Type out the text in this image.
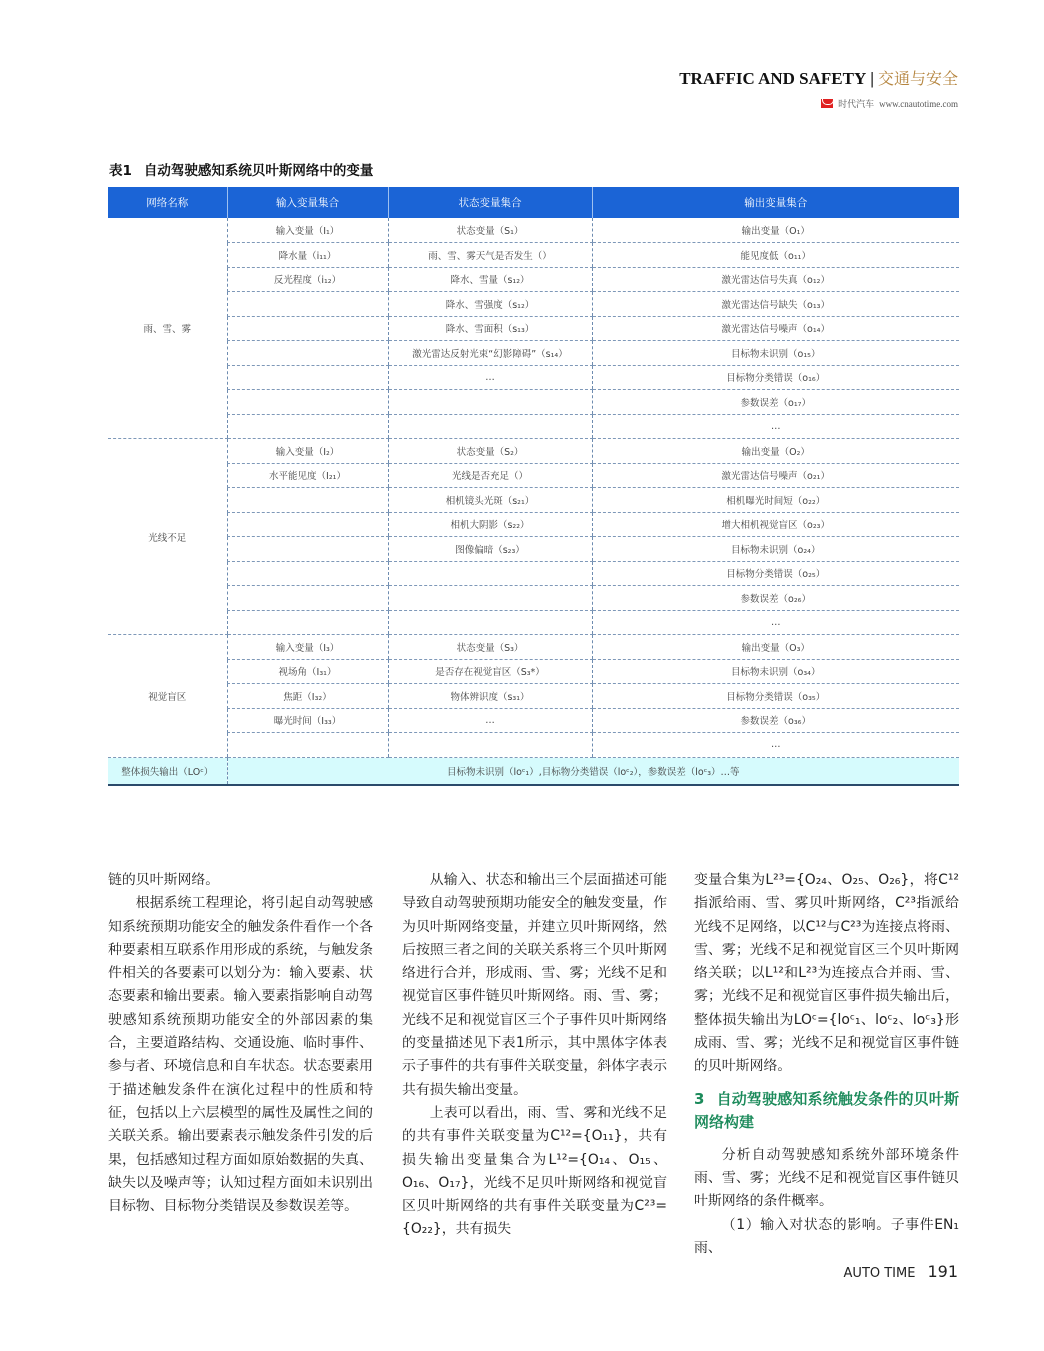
TRAFFIC AND SAFETY | 交通与安全
时代汽车 www.cnautotime.com
表1 自动驾驶感知系统贝叶斯网络中的变量
网络名称	输入变量集合	状态变量集合	输出变量集合
雨、雪、雾	输入变量（I₁）	状态变量（S₁）	输出变量（O₁）
	降水量（i₁₁）	雨、雪、雾天气是否发生（）	能见度低（o₁₁）
	反光程度（i₁₂）	降水、雪量（s₁₂）	激光雷达信号失真（o₁₂）
		降水、雪强度（s₁₂）	激光雷达信号缺失（o₁₃）
		降水、雪面积（s₁₃）	激光雷达信号噪声（o₁₄）
		激光雷达反射光束“幻影障碍”（s₁₄）	目标物未识别（o₁₅）
		…	目标物分类错误（o₁₆）
			参数误差（o₁₇）
			…
光线不足	输入变量（I₂）	状态变量（S₂）	输出变量（O₂）
	水平能见度（I₂₁）	光线是否充足（）	激光雷达信号噪声（o₂₁）
		相机镜头光斑（s₂₁）	相机曝光时间短（o₂₂）
		相机大阴影（s₂₂）	增大相机视觉盲区（o₂₃）
		图像偏暗（s₂₃）	目标物未识别（o₂₄）
			目标物分类错误（o₂₅）
			参数误差（o₂₆）
			…
视觉盲区	输入变量（I₃）	状态变量（S₃）	输出变量（O₃）
	视场角（I₃₁）	是否存在视觉盲区（S₃*）	目标物未识别（o₃₄）
	焦距（I₃₂）	物体辨识度（s₃₁）	目标物分类错误（o₃₅）
	曝光时间（I₃₃）	…	参数误差（o₃₆）
			…
整体损失输出（LOᶜ）	目标物未识别（loᶜ₁）,目标物分类错误（loᶜ₂），参数误差（loᶜ₃）…等		

链的贝叶斯网络。

根据系统工程理论，将引起自动驾驶感知系统预期功能安全的触发条件看作一个各种要素相互联系作用形成的系统，与触发条件相关的各要素可以划分为：输入要素、状态要素和输出要素。输入要素指影响自动驾驶感知系统预期功能安全的外部因素的集合，主要道路结构、交通设施、临时事件、参与者、环境信息和自车状态。状态要素用于描述触发条件在演化过程中的性质和特征，包括以上六层模型的属性及属性之间的关联关系。输出要素表示触发条件引发的后果，包括感知过程方面如原始数据的失真、缺失以及噪声等；认知过程方面如未识别出目标物、目标物分类错误及参数误差等。

从输入、状态和输出三个层面描述可能导致自动驾驶预期功能安全的触发变量，作为贝叶斯网络变量，并建立贝叶斯网络，然后按照三者之间的关联关系将三个贝叶斯网络进行合并，形成雨、雪、雾；光线不足和视觉盲区事件链贝叶斯网络。雨、雪、雾；光线不足和视觉盲区三个子事件贝叶斯网络的变量描述见下表1所示，其中黑体字体表示子事件的共有事件关联变量，斜体字表示共有损失输出变量。

上表可以看出，雨、雪、雾和光线不足的共有事件关联变量为C¹²={O₁₁}，共有损失输出变量集合为L¹²={O₁₄、O₁₅、O₁₆、O₁₇}，光线不足贝叶斯网络和视觉盲区贝叶斯网络的共有事件关联变量为C²³={O₂₂}，共有损失

变量合集为L²³={O₂₄、O₂₅、O₂₆}，将C¹²指派给雨、雪、雾贝叶斯网络，C²³指派给光线不足网络，以C¹²与C²³为连接点将雨、雪、雾；光线不足和视觉盲区三个贝叶斯网络关联；以L¹²和L²³为连接点合并雨、雪、雾；光线不足和视觉盲区事件损失输出后，整体损失输出为LOᶜ={loᶜ₁、loᶜ₂、loᶜ₃}形成雨、雪、雾；光线不足和视觉盲区事件链的贝叶斯网络。

3 自动驾驶感知系统触发条件的贝叶斯网络构建

分析自动驾驶感知系统外部环境条件雨、雪、雾；光线不足和视觉盲区事件链贝叶斯网络的条件概率。

（1）输入对状态的影响。子事件EN₁雨、

AUTO TIME 191
